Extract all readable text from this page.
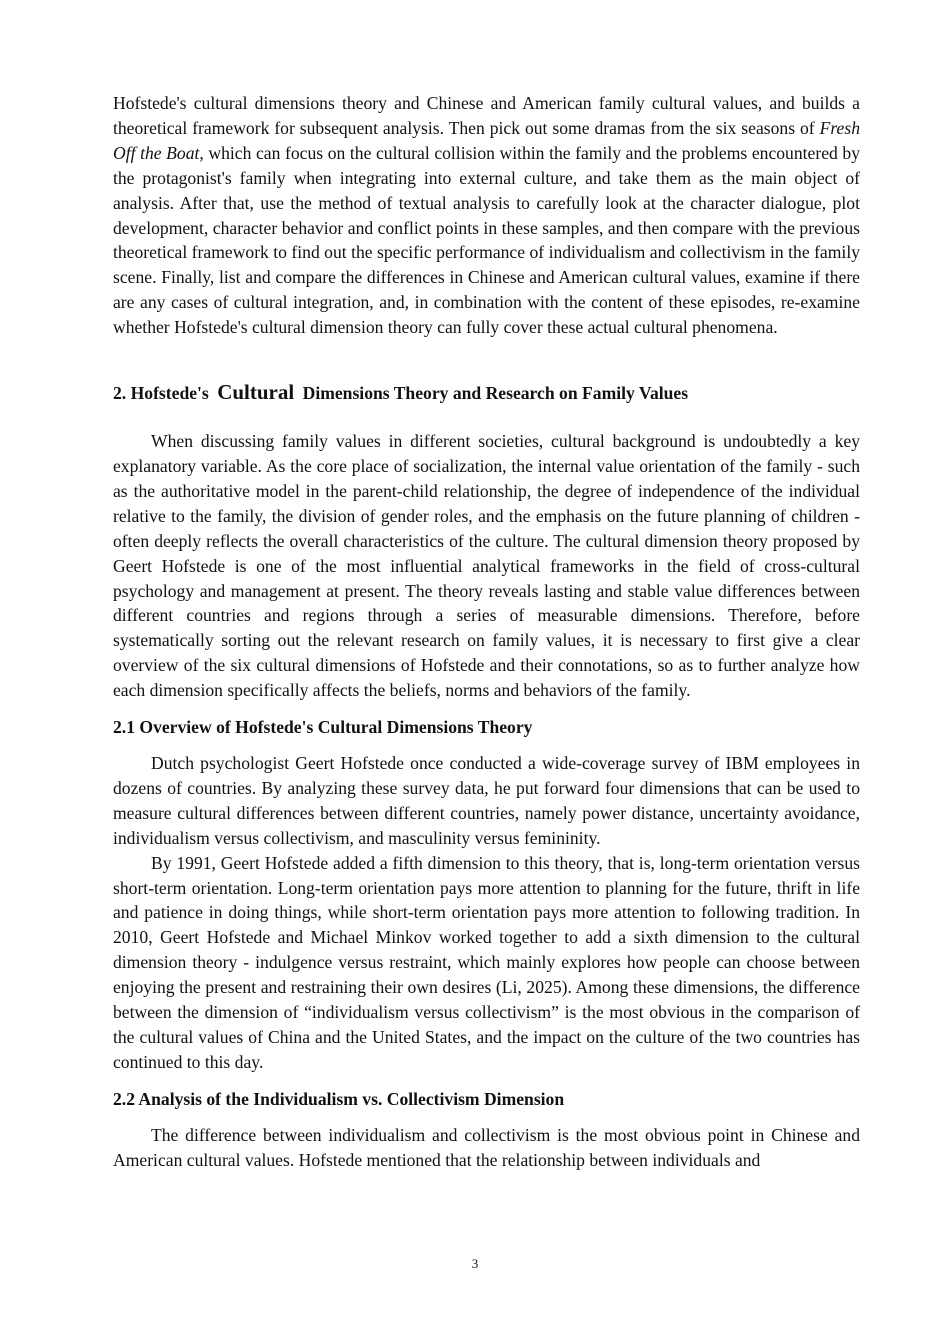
Hofstede's cultural dimensions theory and Chinese and American family cultural values, and builds a theoretical framework for subsequent analysis. Then pick out some dramas from the six seasons of Fresh Off the Boat, which can focus on the cultural collision within the family and the problems encountered by the protagonist's family when integrating into external culture, and take them as the main object of analysis. After that, use the method of textual analysis to carefully look at the character dialogue, plot development, character behavior and conflict points in these samples, and then compare with the previous theoretical framework to find out the specific performance of individualism and collectivism in the family scene. Finally, list and compare the differences in Chinese and American cultural values, examine if there are any cases of cultural integration, and, in combination with the content of these episodes, re-examine whether Hofstede's cultural dimension theory can fully cover these actual cultural phenomena.

2. Hofstede's Cultural Dimensions Theory and Research on Family Values

When discussing family values in different societies, cultural background is undoubtedly a key explanatory variable. As the core place of socialization, the internal value orientation of the family - such as the authoritative model in the parent-child relationship, the degree of independence of the individual relative to the family, the division of gender roles, and the emphasis on the future planning of children - often deeply reflects the overall characteristics of the culture. The cultural dimension theory proposed by Geert Hofstede is one of the most influential analytical frameworks in the field of cross-cultural psychology and management at present. The theory reveals lasting and stable value differences between different countries and regions through a series of measurable dimensions. Therefore, before systematically sorting out the relevant research on family values, it is necessary to first give a clear overview of the six cultural dimensions of Hofstede and their connotations, so as to further analyze how each dimension specifically affects the beliefs, norms and behaviors of the family.

2.1 Overview of Hofstede's Cultural Dimensions Theory

Dutch psychologist Geert Hofstede once conducted a wide-coverage survey of IBM employees in dozens of countries. By analyzing these survey data, he put forward four dimensions that can be used to measure cultural differences between different countries, namely power distance, uncertainty avoidance, individualism versus collectivism, and masculinity versus femininity.

By 1991, Geert Hofstede added a fifth dimension to this theory, that is, long-term orientation versus short-term orientation. Long-term orientation pays more attention to planning for the future, thrift in life and patience in doing things, while short-term orientation pays more attention to following tradition. In 2010, Geert Hofstede and Michael Minkov worked together to add a sixth dimension to the cultural dimension theory - indulgence versus restraint, which mainly explores how people can choose between enjoying the present and restraining their own desires (Li, 2025). Among these dimensions, the difference between the dimension of “individualism versus collectivism” is the most obvious in the comparison of the cultural values of China and the United States, and the impact on the culture of the two countries has continued to this day.

2.2 Analysis of the Individualism vs. Collectivism Dimension

The difference between individualism and collectivism is the most obvious point in Chinese and American cultural values. Hofstede mentioned that the relationship between individuals and

3
